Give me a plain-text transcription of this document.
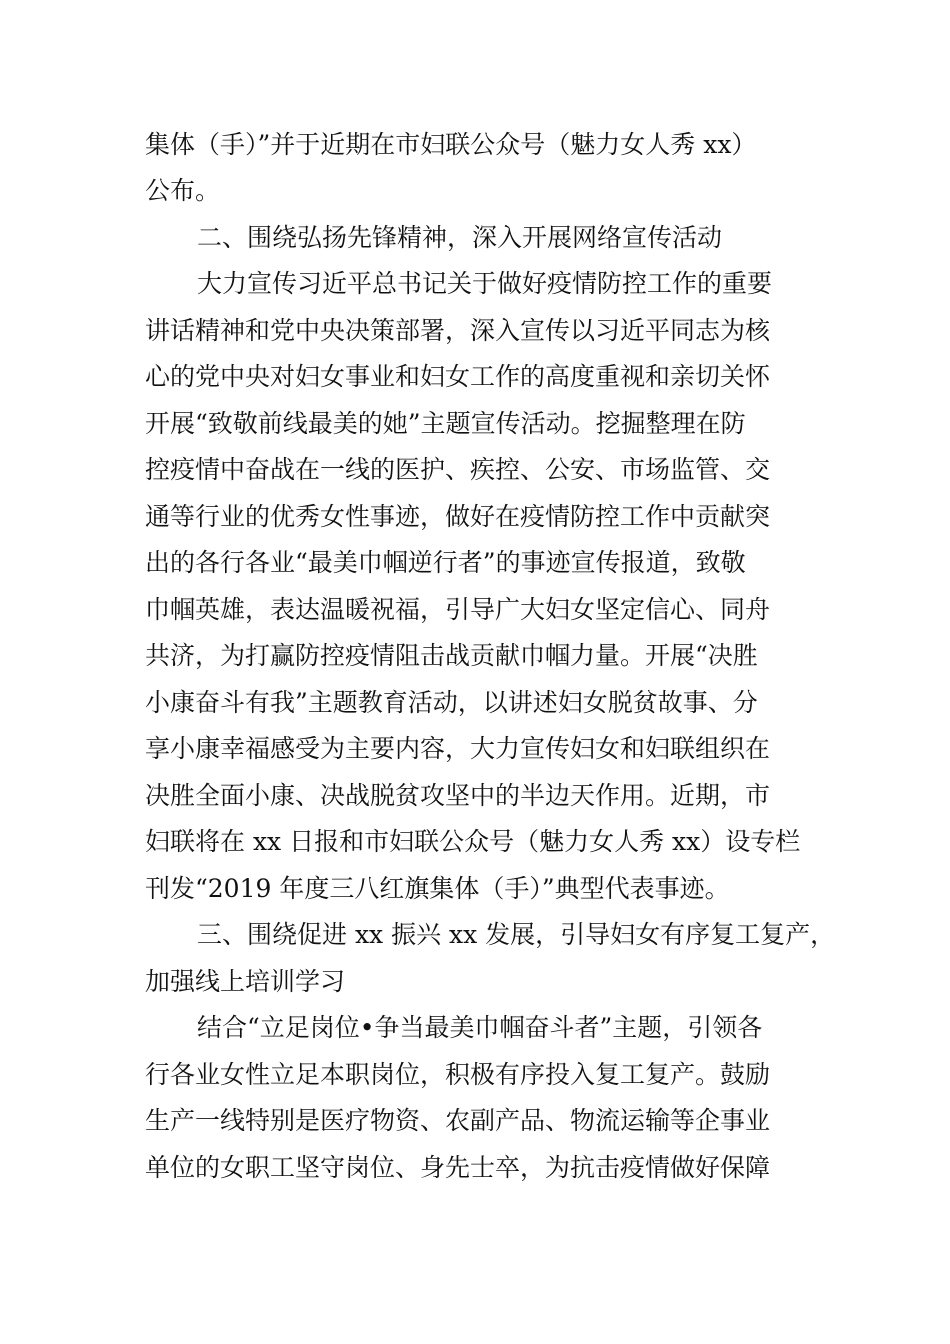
集体（手）”并于近期在市妇联公众号（魅力女人秀 xx）
公布。
二、围绕弘扬先锋精神，深入开展网络宣传活动
大力宣传习近平总书记关于做好疫情防控工作的重要
讲话精神和党中央决策部署，深入宣传以习近平同志为核
心的党中央对妇女事业和妇女工作的高度重视和亲切关怀
开展“致敬前线最美的她”主题宣传活动。挖掘整理在防
控疫情中奋战在一线的医护、疾控、公安、市场监管、交
通等行业的优秀女性事迹，做好在疫情防控工作中贡献突
出的各行各业“最美巾帼逆行者”的事迹宣传报道，致敬
巾帼英雄，表达温暖祝福，引导广大妇女坚定信心、同舟
共济，为打赢防控疫情阻击战贡献巾帼力量。开展“决胜
小康奋斗有我”主题教育活动，以讲述妇女脱贫故事、分
享小康幸福感受为主要内容，大力宣传妇女和妇联组织在
决胜全面小康、决战脱贫攻坚中的半边天作用。近期，市
妇联将在 xx 日报和市妇联公众号（魅力女人秀 xx）设专栏
刊发“2019 年度三八红旗集体（手）”典型代表事迹。
三、围绕促进 xx 振兴 xx 发展，引导妇女有序复工复产，
加强线上培训学习
结合“立足岗位•争当最美巾帼奋斗者”主题，引领各
行各业女性立足本职岗位，积极有序投入复工复产。鼓励
生产一线特别是医疗物资、农副产品、物流运输等企事业
单位的女职工坚守岗位、身先士卒，为抗击疫情做好保障
